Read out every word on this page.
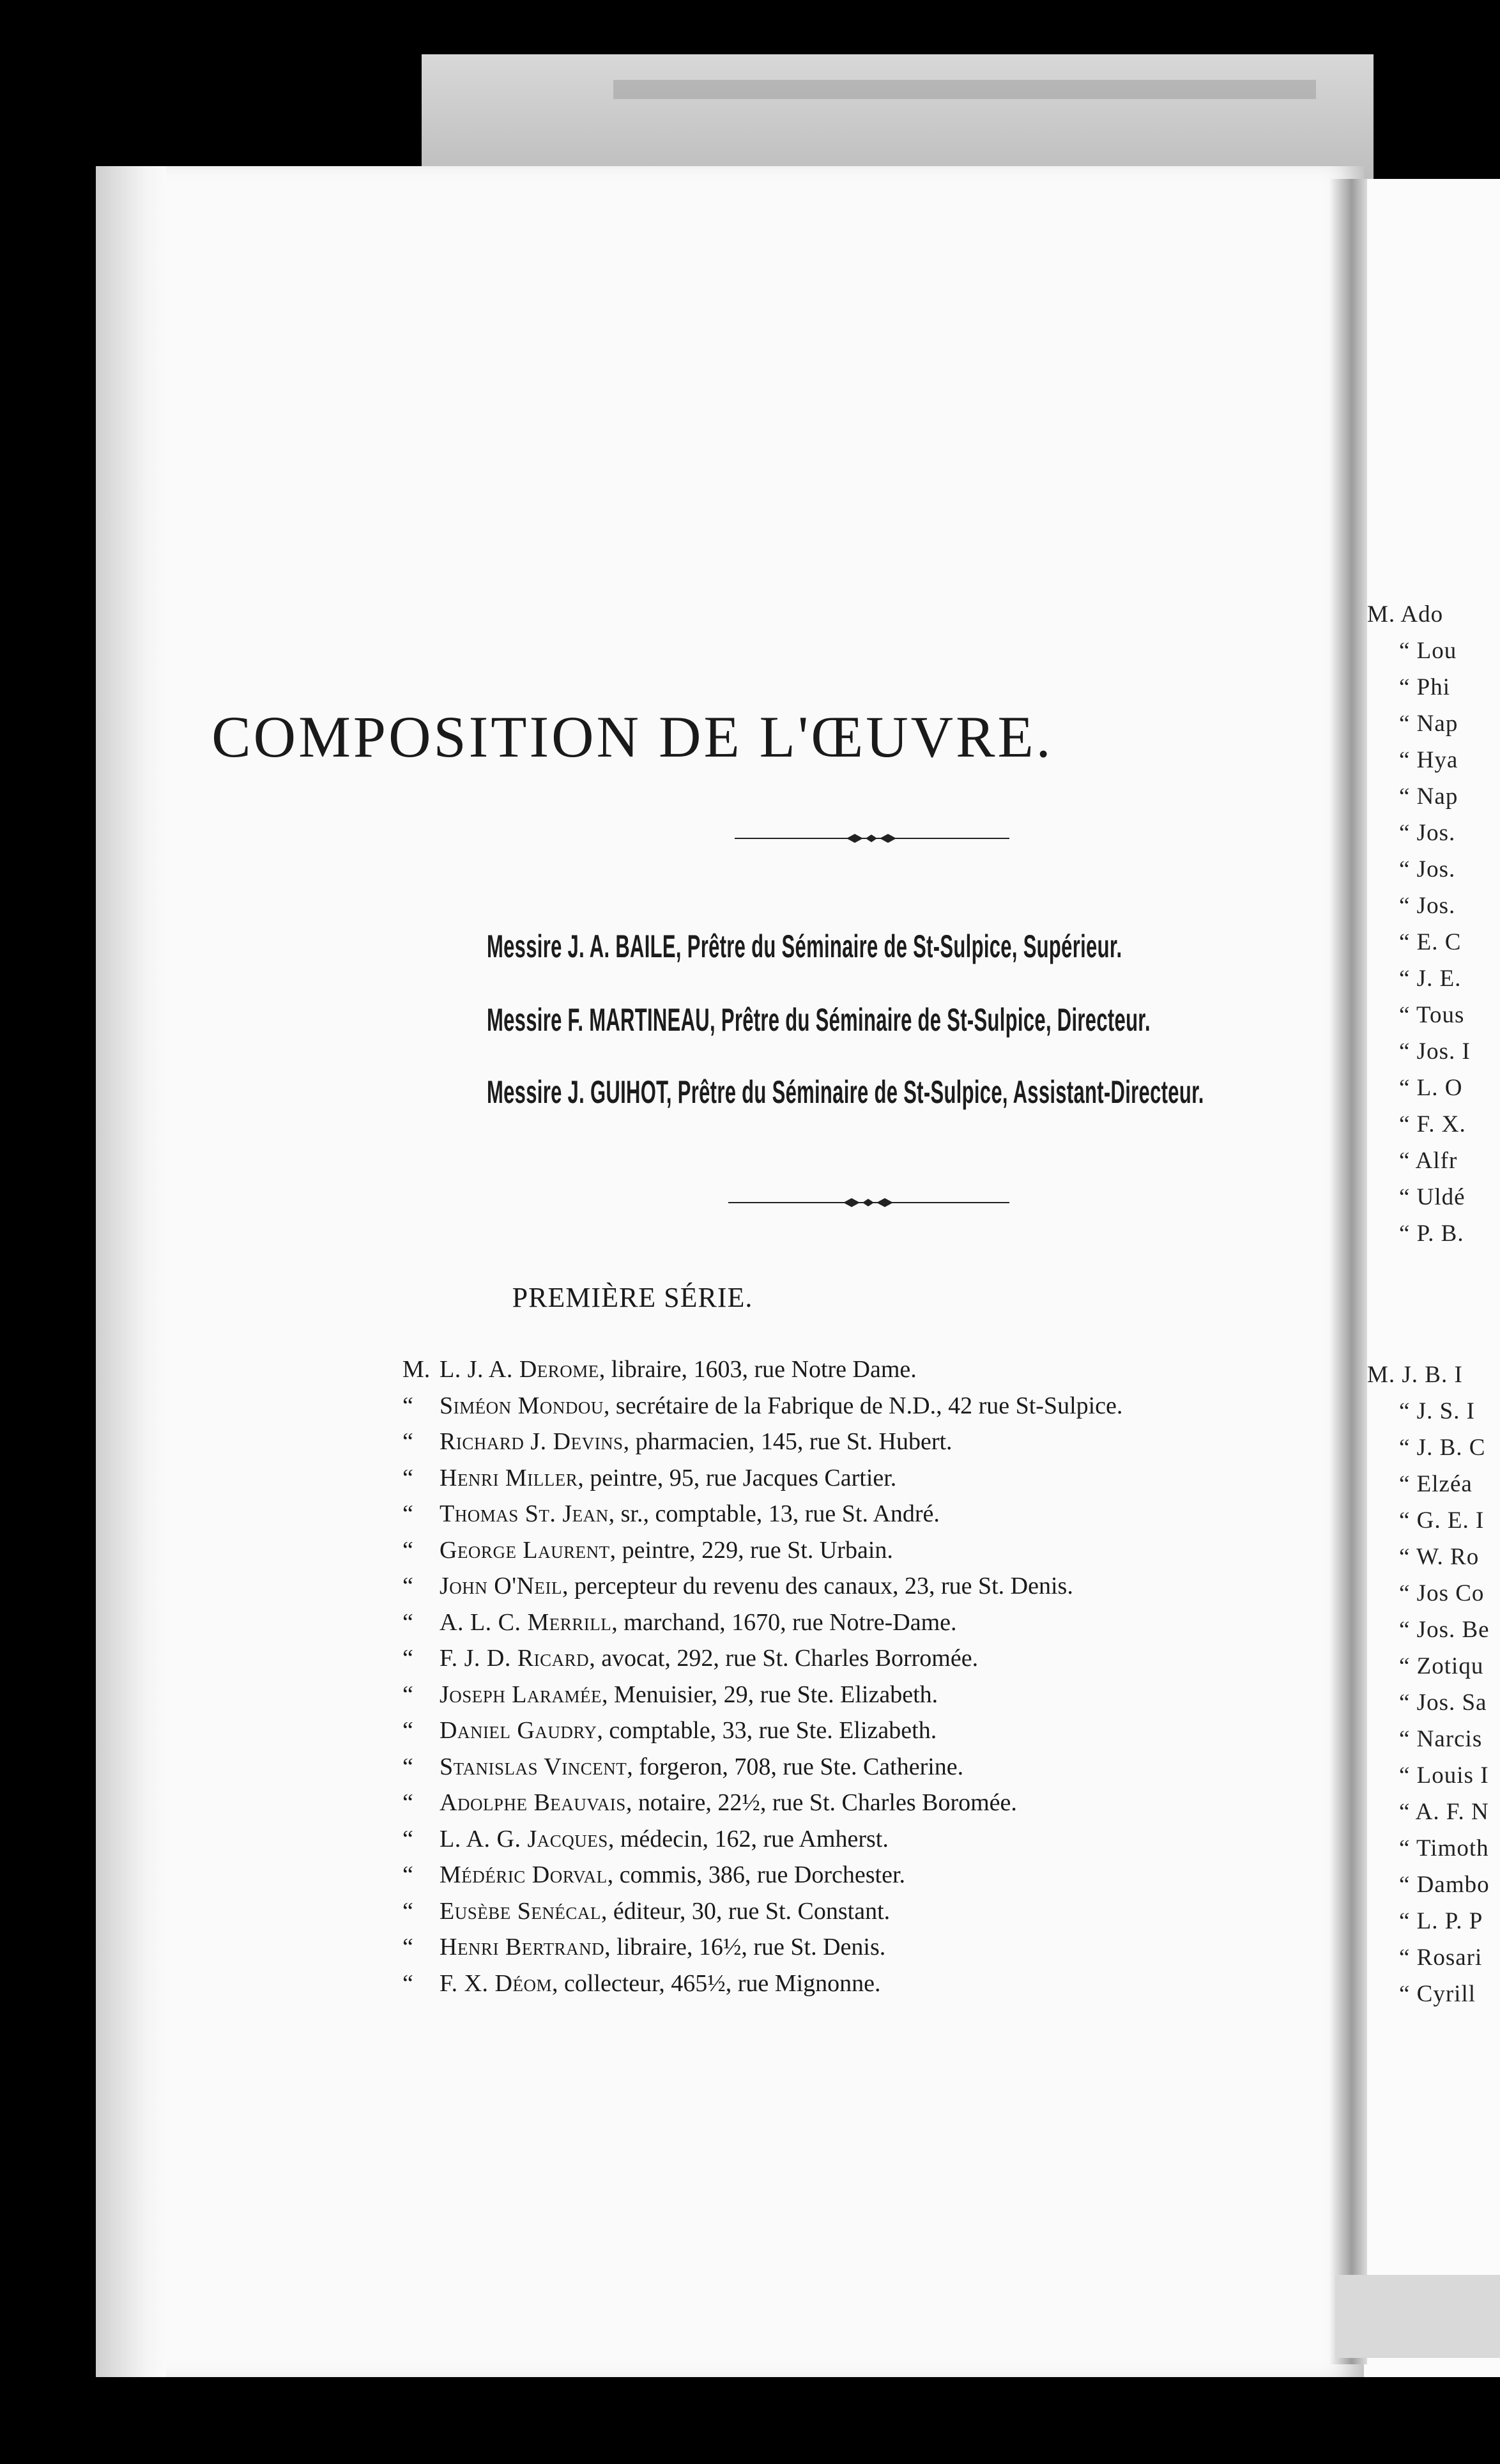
M. Ado
“ Lou
“ Phi
“ Nap
“ Hya
“ Nap
“ Jos.
“ Jos.
“ Jos.
“ E. C
“ J. E.
“ Tous
“ Jos. I
“ L. O
“ F. X.
“ Alfr
“ Uldé
“ P. B.
M. J. B. I
“ J. S. I
“ J. B. C
“ Elzéa
“ G. E. I
“ W. Ro
“ Jos Co
“ Jos. Be
“ Zotiqu
“ Jos. Sa
“ Narcis
“ Louis I
“ A. F. N
“ Timoth
“ Dambo
“ L. P. P
“ Rosari
“ Cyrill
COMPOSITION DE L'ŒUVRE.
Messire J. A. BAILE, Prêtre du Séminaire de St-Sulpice, Supérieur.
Messire F. MARTINEAU, Prêtre du Séminaire de St-Sulpice, Directeur.
Messire J. GUIHOT, Prêtre du Séminaire de St-Sulpice, Assistant-Directeur.
PREMIÈRE SÉRIE.
M. L. J. A. Derome, libraire, 1603, rue Notre Dame.
“ Siméon Mondou, secrétaire de la Fabrique de N.D., 42 rue St-Sulpice.
“ Richard J. Devins, pharmacien, 145, rue St. Hubert.
“ Henri Miller, peintre, 95, rue Jacques Cartier.
“ Thomas St. Jean, sr., comptable, 13, rue St. André.
“ George Laurent, peintre, 229, rue St. Urbain.
“ John O'Neil, percepteur du revenu des canaux, 23, rue St. Denis.
“ A. L. C. Merrill, marchand, 1670, rue Notre-Dame.
“ F. J. D. Ricard, avocat, 292, rue St. Charles Borromée.
“ Joseph Laramée, Menuisier, 29, rue Ste. Elizabeth.
“ Daniel Gaudry, comptable, 33, rue Ste. Elizabeth.
“ Stanislas Vincent, forgeron, 708, rue Ste. Catherine.
“ Adolphe Beauvais, notaire, 22½, rue St. Charles Boromée.
“ L. A. G. Jacques, médecin, 162, rue Amherst.
“ Médéric Dorval, commis, 386, rue Dorchester.
“ Eusèbe Senécal, éditeur, 30, rue St. Constant.
“ Henri Bertrand, libraire, 16½, rue St. Denis.
“ F. X. Déom, collecteur, 465½, rue Mignonne.
